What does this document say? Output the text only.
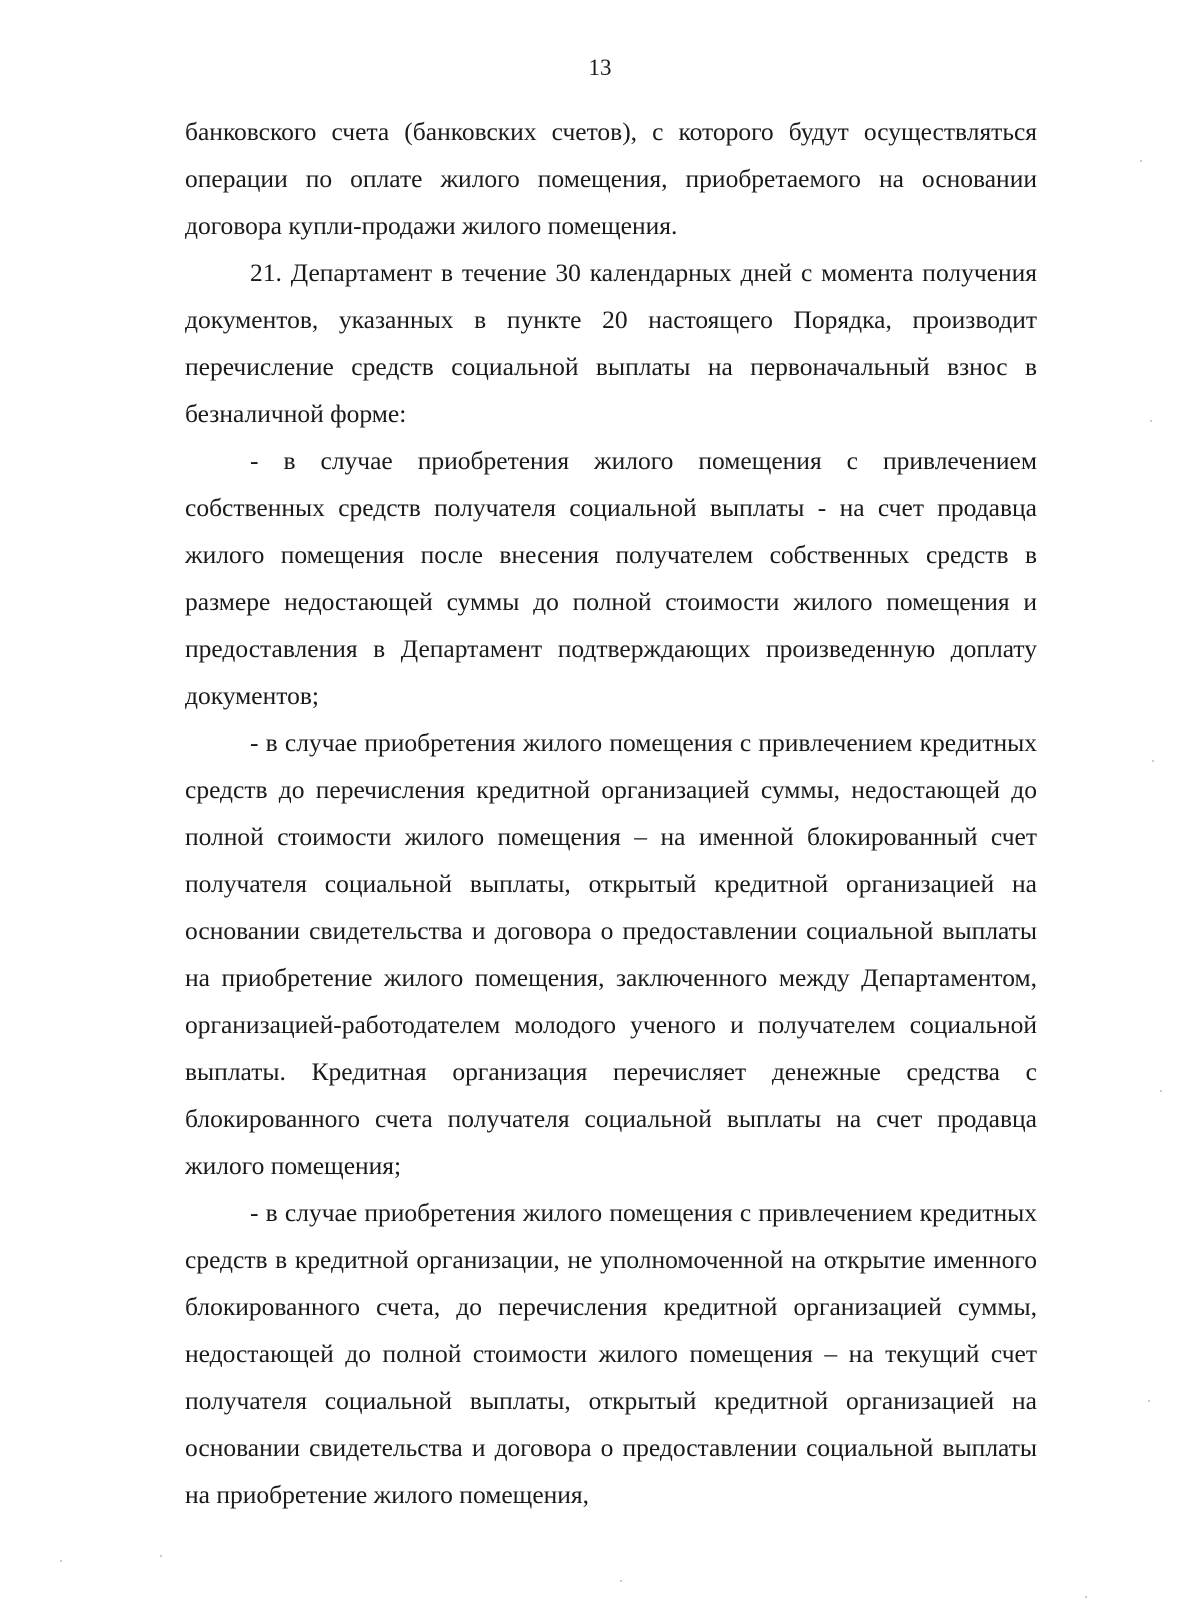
13

банковского счета (банковских счетов), с которого будут осуществляться операции по оплате жилого помещения, приобретаемого на основании договора купли-продажи жилого помещения.

21. Департамент в течение 30 календарных дней с момента получения документов, указанных в пункте 20 настоящего Порядка, производит перечисление средств социальной выплаты на первоначальный взнос в безналичной форме:

- в случае приобретения жилого помещения с привлечением собственных средств получателя социальной выплаты - на счет продавца жилого помещения после внесения получателем собственных средств в размере недостающей суммы до полной стоимости жилого помещения и предоставления в Департамент подтверждающих произведенную доплату документов;

- в случае приобретения жилого помещения с привлечением кредитных средств до перечисления кредитной организацией суммы, недостающей до полной стоимости жилого помещения – на именной блокированный счет получателя социальной выплаты, открытый кредитной организацией на основании свидетельства и договора о предоставлении социальной выплаты на приобретение жилого помещения, заключенного между Департаментом, организацией-работодателем молодого ученого и получателем социальной выплаты. Кредитная организация перечисляет денежные средства с блокированного счета получателя социальной выплаты на счет продавца жилого помещения;

- в случае приобретения жилого помещения с привлечением кредитных средств в кредитной организации, не уполномоченной на открытие именного блокированного счета, до перечисления кредитной организацией суммы, недостающей до полной стоимости жилого помещения – на текущий счет получателя социальной выплаты, открытый кредитной организацией на основании свидетельства и договора о предоставлении социальной выплаты на приобретение жилого помещения,
